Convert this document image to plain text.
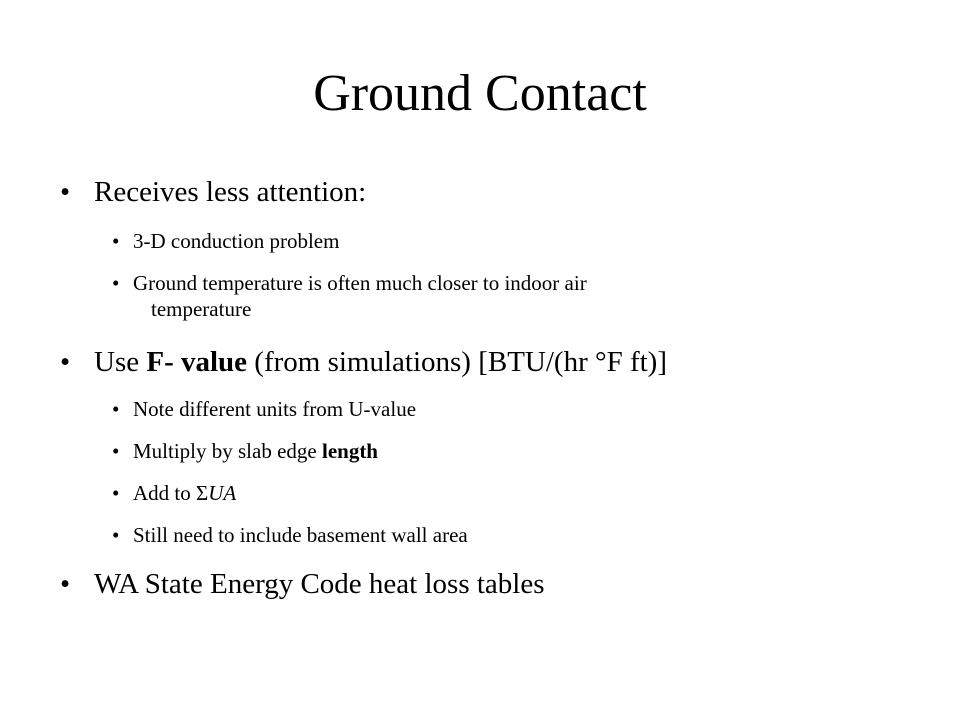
Ground Contact
• Receives less attention:
• 3-D conduction problem
• Ground temperature is often much closer to indoor air
temperature
• Use F- value (from simulations) [BTU/(hr °F ft)]
• Note different units from U-value
• Multiply by slab edge length
• Add to ΣUA
• Still need to include basement wall area
• WA State Energy Code heat loss tables
